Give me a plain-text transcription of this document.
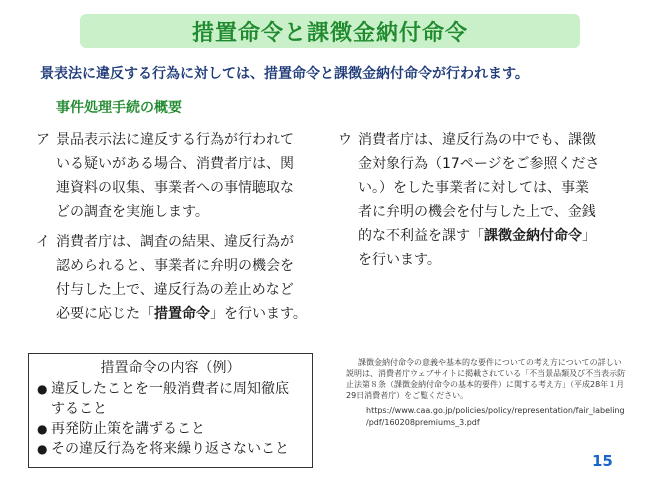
措置命令と課徴金納付命令
景表法に違反する行為に対しては、措置命令と課徴金納付命令が行われます。
事件処理手続の概要
ア 景品表示法に違反する行為が行われて

いる疑いがある場合、消費者庁は、関

連資料の収集、事業者への事情聴取な

どの調査を実施します。

イ 消費者庁は、調査の結果、違反行為が

認められると、事業者に弁明の機会を

付与した上で、違反行為の差止めなど

必要に応じた「措置命令」を行います。

ウ 消費者庁は、違反行為の中でも、課徴

金対象行為（17ページをご参照くださ

い。）をした事業者に対しては、事業

者に弁明の機会を付与した上で、金銭

的な不利益を課す「課徴金納付命令」

を行います。

措置命令の内容（例）
● 違反したことを一般消費者に周知徹底

すること

● 再発防止策を講ずること

● その違反行為を将来繰り返さないこと

課徴金納付命令の意義や基本的な要件についての考え方についての詳しい説明は、消費者庁ウェブサイトに掲載されている「不当景品類及び不当表示防止法第８条（課徴金納付命令の基本的要件）に関する考え方」（平成28年１月29日消費者庁）をご覧ください。

https://www.caa.go.jp/policies/policy/representation/fair_labeling

/pdf/160208premiums_3.pdf

15
